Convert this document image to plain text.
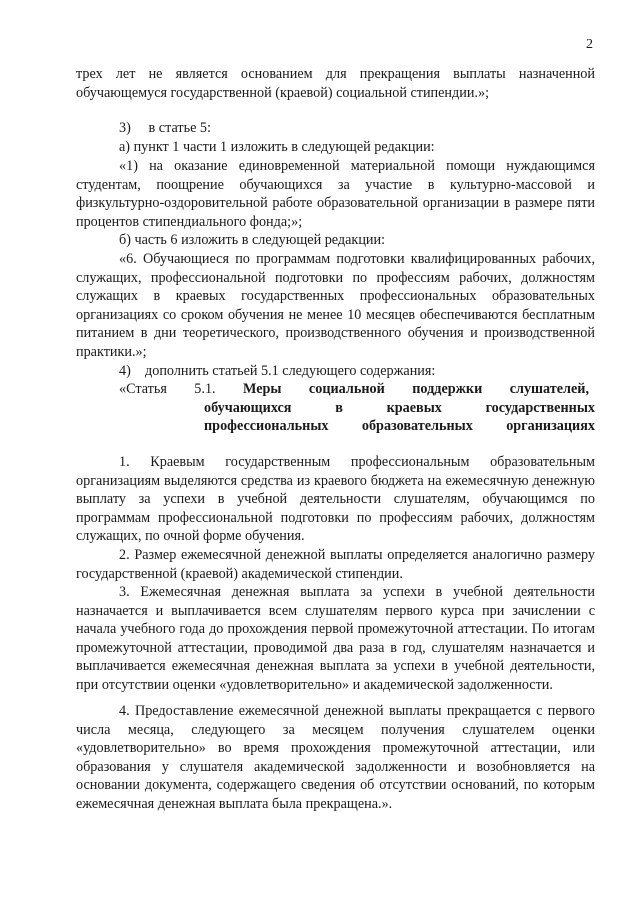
2

трех лет не является основанием для прекращения выплаты назначенной обучающемуся государственной (краевой) социальной стипендии.»;

3)     в статье 5:

а) пункт 1 части 1 изложить в следующей редакции:

«1) на оказание единовременной материальной помощи нуждающимся студентам, поощрение обучающихся за участие в культурно-массовой и физкультурно-оздоровительной работе образовательной организации в размере пяти процентов стипендиального фонда;»;

б) часть 6 изложить в следующей редакции:

«6. Обучающиеся по программам подготовки квалифицированных рабочих, служащих, профессиональной подготовки по профессиям рабочих, должностям служащих в краевых государственных профессиональных образовательных организациях со сроком обучения не менее 10 месяцев обеспечиваются бесплатным питанием в дни теоретического, производственного обучения и производственной практики.»;

4)    дополнить статьей 5.1 следующего содержания:

«Статья 5.1. Меры социальной поддержки слушателей,
обучающихся в краевых государственных
профессиональных образовательных организациях

1. Краевым государственным профессиональным образовательным организациям выделяются средства из краевого бюджета на ежемесячную денежную выплату за успехи в учебной деятельности слушателям, обучающимся по программам профессиональной подготовки по профессиям рабочих, должностям служащих, по очной форме обучения.

2. Размер ежемесячной денежной выплаты определяется аналогично размеру государственной (краевой) академической стипендии.

3. Ежемесячная денежная выплата за успехи в учебной деятельности назначается и выплачивается всем слушателям первого курса при зачислении с начала учебного года до прохождения первой промежуточной аттестации. По итогам промежуточной аттестации, проводимой два раза в год, слушателям назначается и выплачивается ежемесячная денежная выплата за успехи в учебной деятельности, при отсутствии оценки «удовлетворительно» и академической задолженности.

4. Предоставление ежемесячной денежной выплаты прекращается с первого числа месяца, следующего за месяцем получения слушателем оценки «удовлетворительно» во время прохождения промежуточной аттестации, или образования у слушателя академической задолженности и возобновляется на основании документа, содержащего сведения об отсутствии оснований, по которым ежемесячная денежная выплата была прекращена.».
